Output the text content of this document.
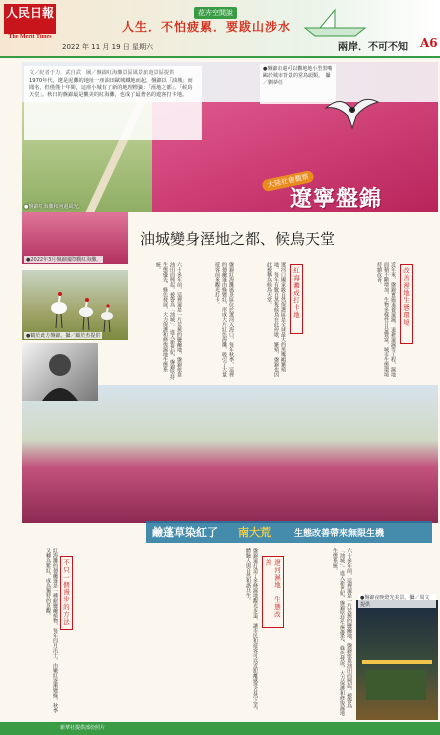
人民日報
The Merit Times
花卉空間說
人生．不怕疲累．要跋山涉水
2022 年 11 月 19 日 星期六	兩岸．不可不知 A6
文／紀者于力．武自武　圖／盤錦紅海灘景區風景旅遊景區提供

1970年代，遼是泥灘的地址一座油田歐城鐵地而起，盤錦以「油城」而聞名，但僅僅十年間，這座小城有了新的地理標籤：「溼地之都」、「候鳥天堂」。秋日的盤錦最是觀美的紅海灘，也成了最著名的遊客打卡地。

●盤錦市還可以觀地地小型黑嘴鷗於城市背景的常鳥頭類。　攝／劉夢任
●盤錦紅海灘和河邊風光。
●2022年3月盤錦國際觀紅海灘。
●鶴於此方盤錦。攝／顧於杰提供
大陸社會觀察
遼寧盤錦
油城變身溼地之都、候鳥天堂
紅海灘成打卡地	改善溼地生態環境
六十多年前，這裡還是一片荒蕪的鹽鹼地，盤錦依靠油田而興起，被譽為「油城」。進入新世紀，盤錦堅持生態優先、綠色發展，大力保護和修復濕地生態系統。	盤錦紅海灘風景區位於遼河入海口，每年秋季，這裡的翅鹼蓬由綠變紅，形成大片紅色海灘，吸引了大量遊客前來觀光打卡。	遼河口國家級自然保護區是全球最大的黑嘴鷗繁殖地，每年有數百萬隻候鳥在此停歇、繁殖，盤錦也因此被稱為候鳥天堂。	近年來，盤錦實施退養還濕、退耕還濕等工程，濕地面積不斷增加，生物多樣性日益豐富，城市生態環境持續改善。
鹼蓬草染紅了 南大荒	生態改善帶來無限生機
遼河濕地　生態改善
不只一個漫步的方法
紅海灘的翅鹼蓬是一種耐鹽鹼植物，每年四月出土，由嫩紅逐漸變綠，秋季又轉為紫紅，成為獨特的景觀。	盤錦還打造了多條濕地觀光步道，讓市民和遊客可以近距離感受自然之美，體驗人與自然和諧共生。	六十多年前，這裡還是一片荒蕪的鹽鹼地，盤錦依靠油田而興起，被譽為「油城」。進入新世紀，盤錦堅持生態優先、綠色發展，大力保護和修復濕地生態系統。
●盤錦夜晚燈光美景。攝／周文提供
新華社提供部份照片
